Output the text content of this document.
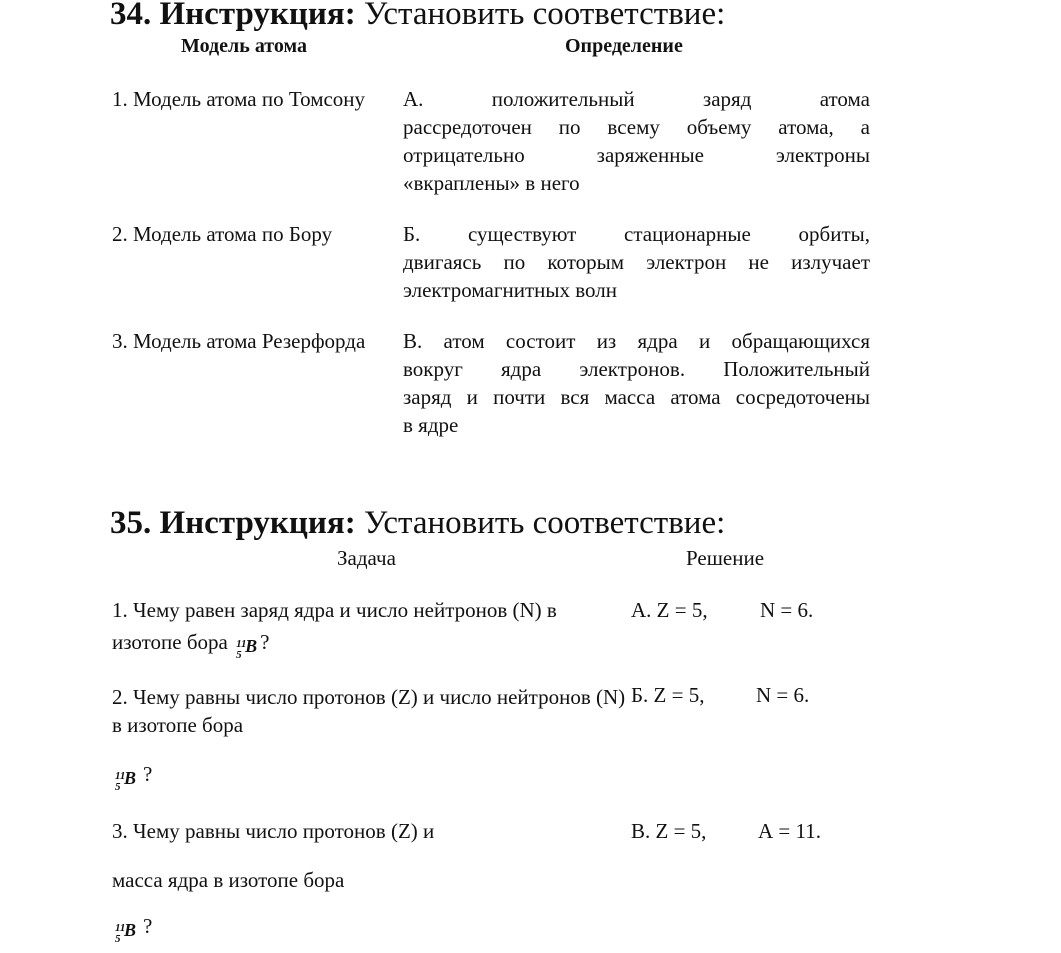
34. Инструкция: Установить соответствие:
Модель атома	Определение
1. Модель атома по Томсону А. положительный заряд атома
рассредоточен по всему объему атома, а
отрицательно заряженные электроны
«вкраплены» в него
2. Модель атома по Бору	Б. существуют стационарные орбиты,
двигаясь по которым электрон не излучает
электромагнитных волн
3. Модель атома Резерфорда В. атом состоит из ядра и обращающихся
вокруг ядра электронов. Положительный
заряд и почти вся масса атома сосредоточены
в ядре
35. Инструкция: Установить соответствие:
Задача	Решение
1. Чему равен заряд ядра и число нейтронов (N) в
изотопе бора 11
5 B ?
А. Z = 5, N = 6.
2. Чему равны число протонов (Z) и число нейтронов (N)
в изотопе бора
11
5 B ?
Б. Z = 5, N = 6.
3. Чему равны число протонов (Z) и
масса ядра в изотопе бора
11
5 B ?
В. Z = 5, А = 11.
